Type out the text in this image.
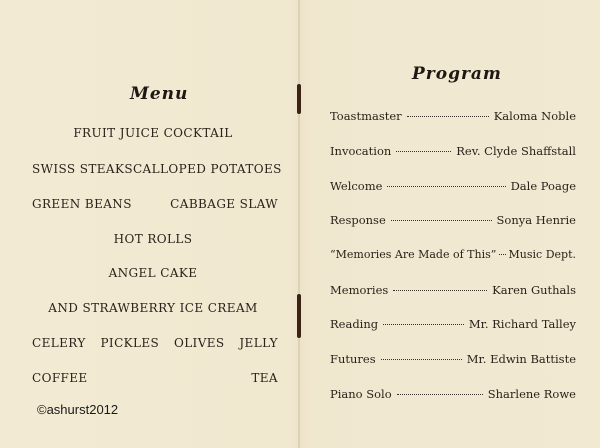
Menu
FRUIT JUICE COCKTAIL
SWISS STEAK SCALLOPED POTATOES
GREEN BEANS	CABBAGE SLAW
HOT ROLLS
ANGEL CAKE
AND STRAWBERRY ICE CREAM
CELERY PICKLES OLIVES JELLY
COFFEE	TEA
Program
Toastmaster	Kaloma Noble
Invocation	Rev. Clyde Shaffstall
Welcome	Dale Poage
Response	Sonya Henrie
“Memories Are Made of This” Music Dept.
Memories	Karen Guthals
Reading	Mr. Richard Talley
Futures	Mr. Edwin Battiste
Piano Solo	Sharlene Rowe
©ashurst2012
